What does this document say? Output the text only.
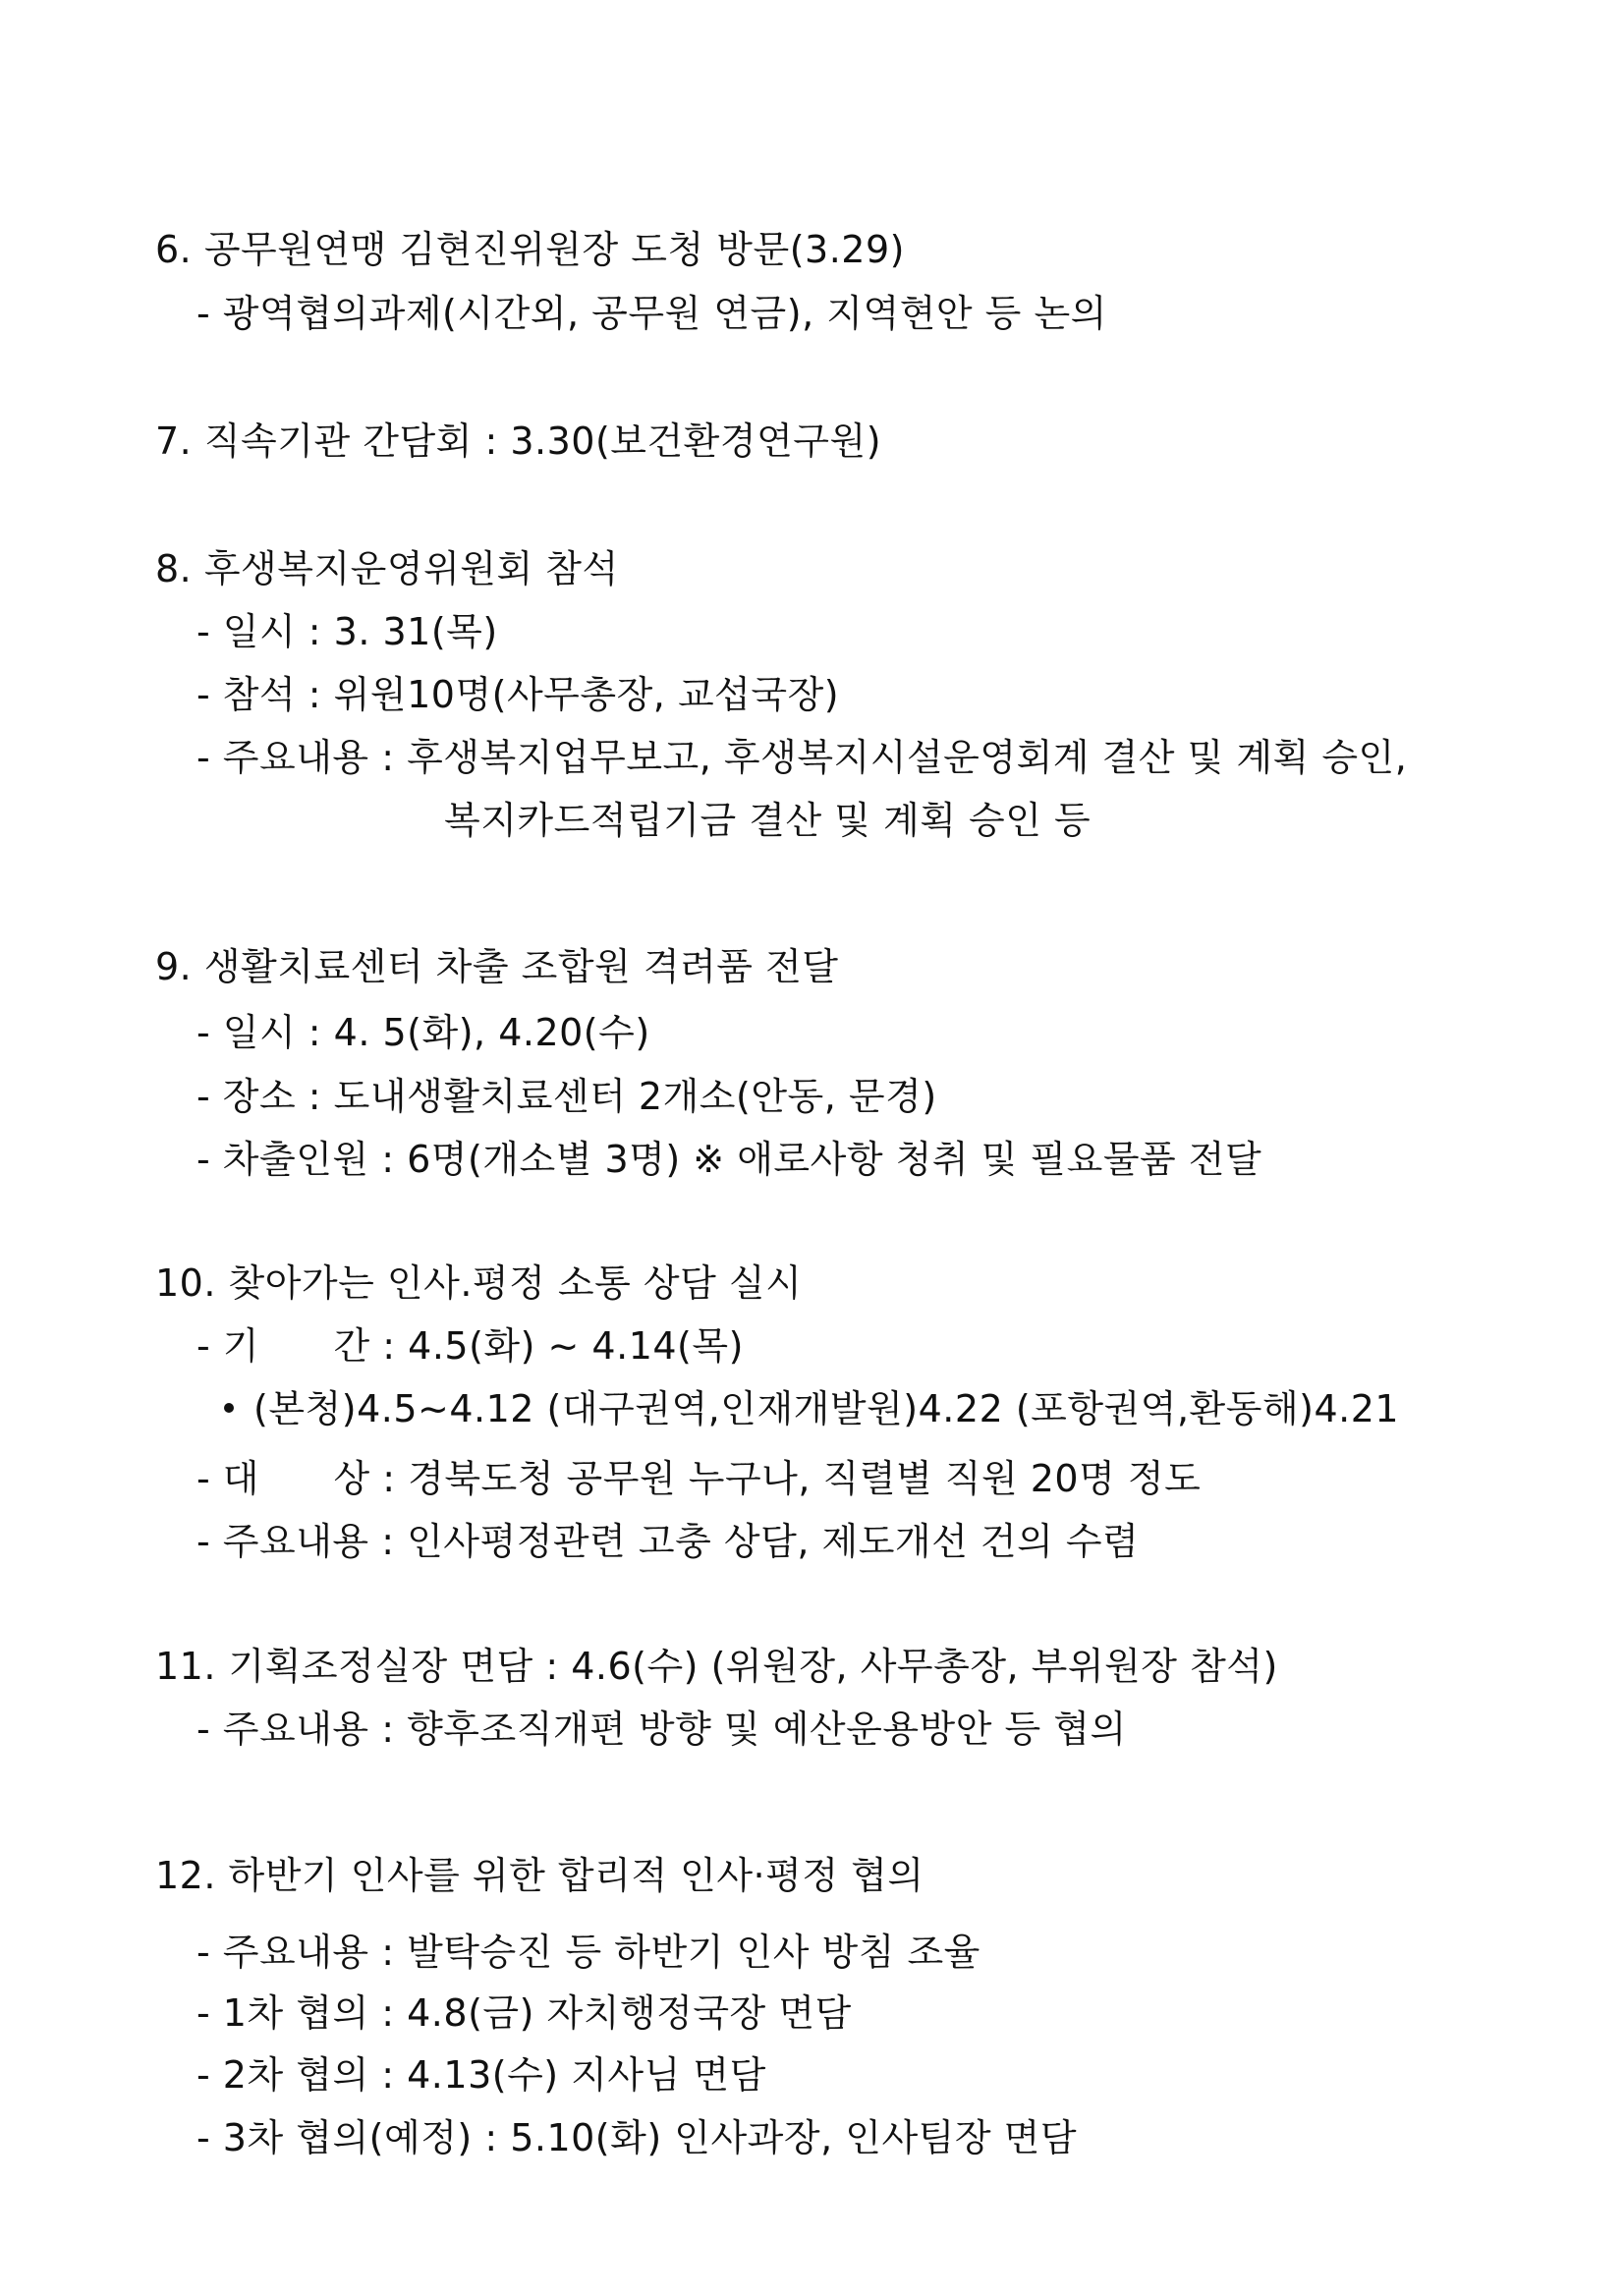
6. 공무원연맹 김현진위원장 도청 방문(3.29)
- 광역협의과제(시간외, 공무원 연금), 지역현안 등 논의
7. 직속기관 간담회 : 3.30(보건환경연구원)
8. 후생복지운영위원회 참석
- 일시 : 3. 31(목)
- 참석 : 위원10명(사무총장, 교섭국장)
- 주요내용 : 후생복지업무보고, 후생복지시설운영회계 결산 및 계획 승인,
복지카드적립기금 결산 및 계획 승인 등
9. 생활치료센터 차출 조합원 격려품 전달
- 일시 : 4. 5(화), 4.20(수)
- 장소 : 도내생활치료센터 2개소(안동, 문경)
- 차출인원 : 6명(개소별 3명) ※ 애로사항 청취 및 필요물품 전달
10. 찾아가는 인사.평정 소통 상담 실시
- 기      간 : 4.5(화) ~ 4.14(목)
(본청)4.5~4.12 (대구권역,인재개발원)4.22 (포항권역,환동해)4.21
- 대      상 : 경북도청 공무원 누구나, 직렬별 직원 20명 정도
- 주요내용 : 인사평정관련 고충 상담, 제도개선 건의 수렴
11. 기획조정실장 면담 : 4.6(수) (위원장, 사무총장, 부위원장 참석)
- 주요내용 : 향후조직개편 방향 및 예산운용방안 등 협의
12. 하반기 인사를 위한 합리적 인사·평정 협의
- 주요내용 : 발탁승진 등 하반기 인사 방침 조율
- 1차 협의 : 4.8(금) 자치행정국장 면담
- 2차 협의 : 4.13(수) 지사님 면담
- 3차 협의(예정) : 5.10(화) 인사과장, 인사팀장 면담
